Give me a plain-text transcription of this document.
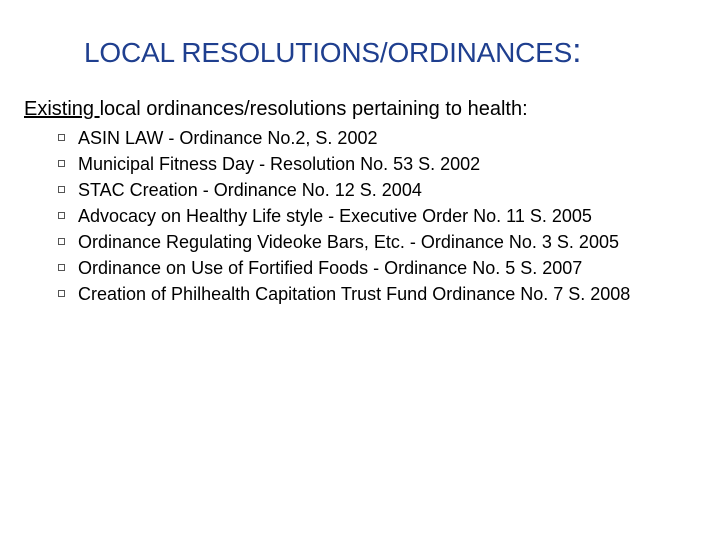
LOCAL RESOLUTIONS/ORDINANCES:
Existing local ordinances/resolutions pertaining to health:
ASIN LAW - Ordinance No.2, S. 2002
Municipal Fitness Day - Resolution No. 53 S. 2002
STAC Creation - Ordinance No. 12 S. 2004
Advocacy on Healthy Life style - Executive Order No. 11 S. 2005
Ordinance Regulating Videoke Bars, Etc. - Ordinance No. 3 S. 2005
Ordinance on Use of Fortified Foods - Ordinance No. 5 S. 2007
Creation of Philhealth Capitation Trust Fund Ordinance No. 7 S. 2008
